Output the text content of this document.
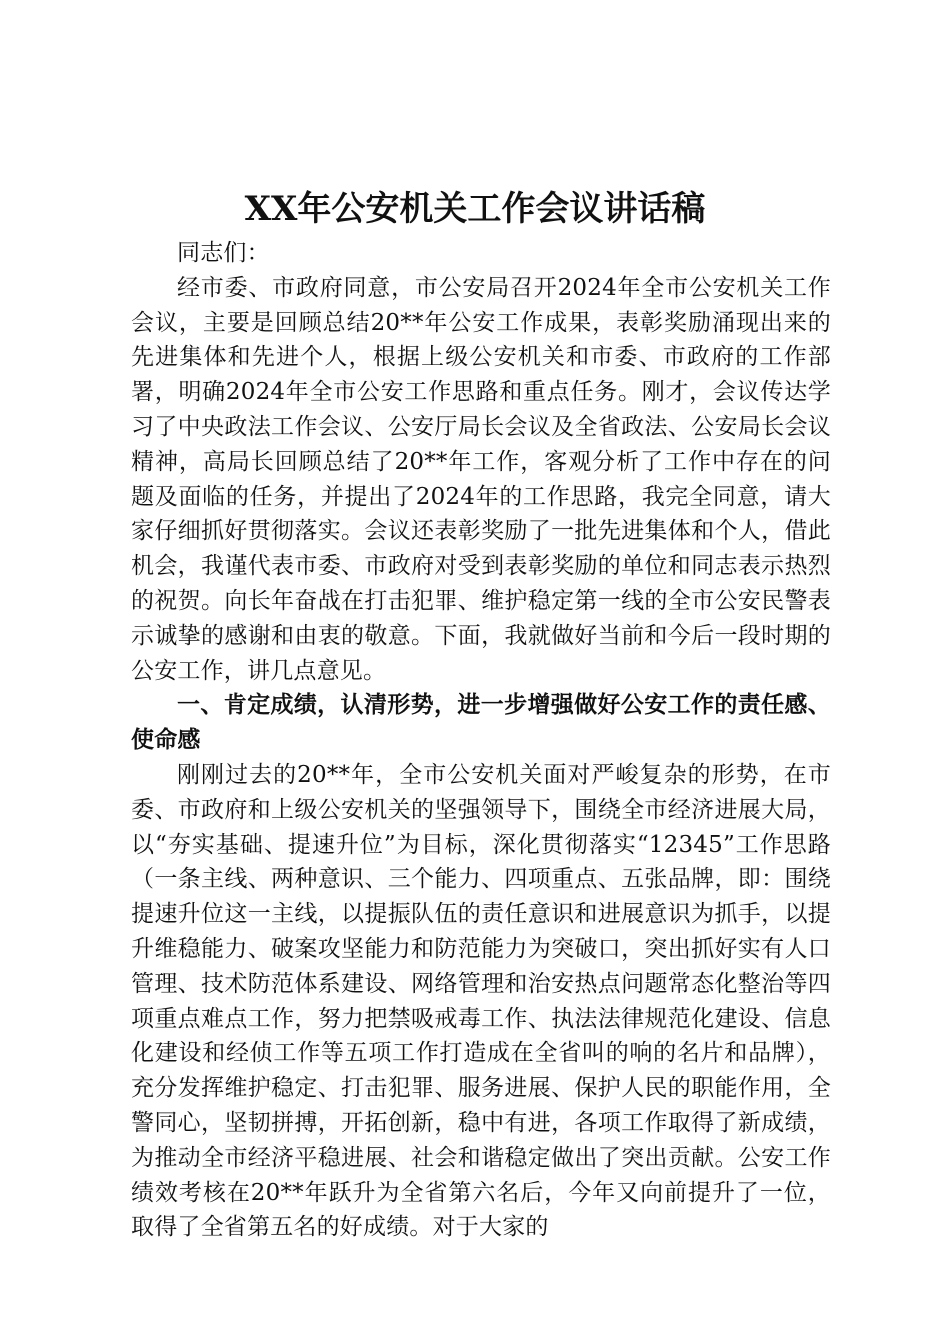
XX年公安机关工作会议讲话稿

同志们：

经市委、市政府同意，市公安局召开2024年全市公安机关工作会议，主要是回顾总结20**年公安工作成果，表彰奖励涌现出来的先进集体和先进个人，根据上级公安机关和市委、市政府的工作部署，明确2024年全市公安工作思路和重点任务。刚才，会议传达学习了中央政法工作会议、公安厅局长会议及全省政法、公安局长会议精神，高局长回顾总结了20**年工作，客观分析了工作中存在的问题及面临的任务，并提出了2024年的工作思路，我完全同意，请大家仔细抓好贯彻落实。会议还表彰奖励了一批先进集体和个人，借此机会，我谨代表市委、市政府对受到表彰奖励的单位和同志表示热烈的祝贺。向长年奋战在打击犯罪、维护稳定第一线的全市公安民警表示诚挚的感谢和由衷的敬意。下面，我就做好当前和今后一段时期的公安工作，讲几点意见。

一、肯定成绩，认清形势，进一步增强做好公安工作的责任感、使命感

刚刚过去的20**年，全市公安机关面对严峻复杂的形势，在市委、市政府和上级公安机关的坚强领导下，围绕全市经济进展大局，以“夯实基础、提速升位”为目标，深化贯彻落实“12345”工作思路（一条主线、两种意识、三个能力、四项重点、五张品牌，即：围绕提速升位这一主线，以提振队伍的责任意识和进展意识为抓手，以提升维稳能力、破案攻坚能力和防范能力为突破口，突出抓好实有人口管理、技术防范体系建设、网络管理和治安热点问题常态化整治等四项重点难点工作，努力把禁吸戒毒工作、执法法律规范化建设、信息化建设和经侦工作等五项工作打造成在全省叫的响的名片和品牌），充分发挥维护稳定、打击犯罪、服务进展、保护人民的职能作用，全警同心，坚韧拼搏，开拓创新，稳中有进，各项工作取得了新成绩，为推动全市经济平稳进展、社会和谐稳定做出了突出贡献。公安工作绩效考核在20**年跃升为全省第六名后，今年又向前提升了一位，取得了全省第五名的好成绩。对于大家的
